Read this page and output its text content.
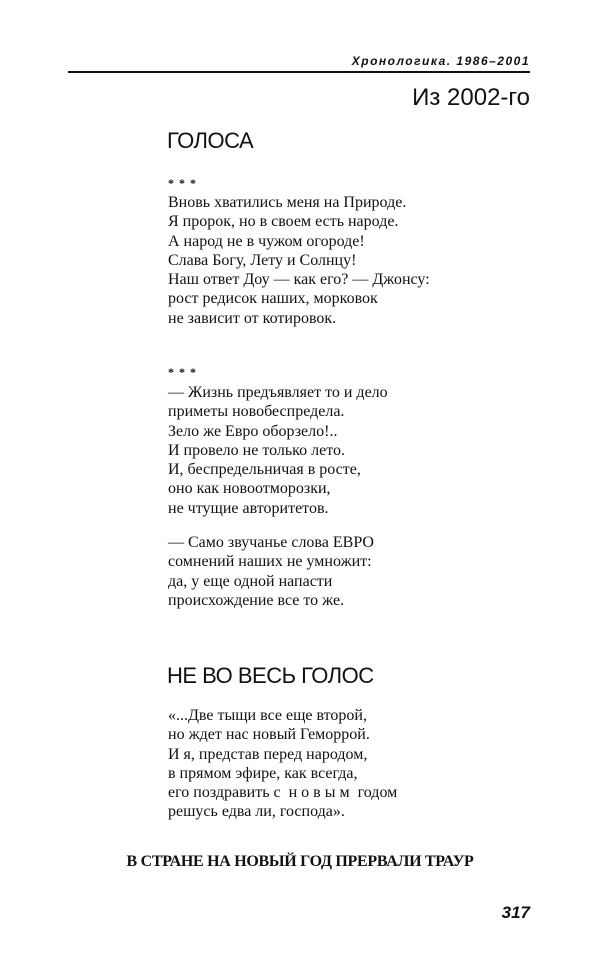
Хронологика. 1986–2001
Из 2002-го
ГОЛОСА
* * *
Вновь хватились меня на Природе.
Я пророк, но в своем есть народе.
А народ не в чужом огороде!
Слава Богу, Лету и Солнцу!
Наш ответ Доу — как его? — Джонсу:
рост редисок наших, морковок
не зависит от котировок.
* * *
— Жизнь предъявляет то и дело
приметы новобеспредела.
Зело же Евро оборзело!..
И провело не только лето.
И, беспредельничая в росте,
оно как новоотморозки,
не чтущие авторитетов.
— Само звучанье слова ЕВРО
сомнений наших не умножит:
да, у еще одной напасти
происхождение все то же.
НЕ ВО ВЕСЬ ГОЛОС
«...Две тыщи все еще второй,
но ждет нас новый Геморрой.
И я, представ перед народом,
в прямом эфире, как всегда,
его поздравить с  н о в ы м  годом
решусь едва ли, господа».
В СТРАНЕ НА НОВЫЙ ГОД ПРЕРВАЛИ ТРАУР
317
